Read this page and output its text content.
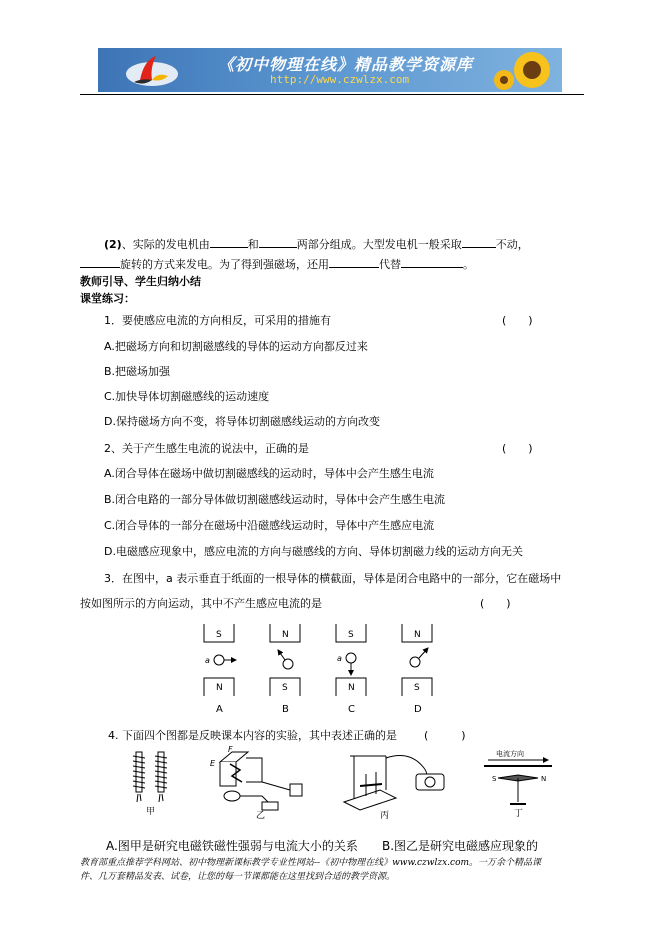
《初中物理在线》精品教学资源库
http://www.czwlzx.com
(2)、实际的发电机由	和	两部分组成。大型发电机一般采取	不动，
旋转的方式来发电。为了得到强磁场，还用	代替	。
教师引导、学生归纳小结
课堂练习：
1．要使感应电流的方向相反，可采用的措施有	(　　)
A.把磁场方向和切割磁感线的导体的运动方向都反过来
B.把磁场加强
C.加快导体切割磁感线的运动速度
D.保持磁场方向不变，将导体切割磁感线运动的方向改变
2、关于产生感生电流的说法中，正确的是	(　　)
A.闭合导体在磁场中做切割磁感线的运动时，导体中会产生感生电流
B.闭合电路的一部分导体做切割磁感线运动时，导体中会产生感生电流
C.闭合导体的一部分在磁场中沿磁感线运动时，导体中产生感应电流
D.电磁感应现象中，感应电流的方向与磁感线的方向、导体切割磁力线的运动方向无关
3．在图中，a 表示垂直于纸面的一根导体的横截面，导体是闭合电路中的一部分，它在磁场中
按如图所示的方向运动，其中不产生感应电流的是	(　　)
S
N
a
A
N
S
B
S
N
a
C
N
S
D
4. 下面四个图都是反映课本内容的实验，其中表述正确的是 (　　　)
甲
E
F
乙	丙
电流方向
S	N
丁
A.图甲是研究电磁铁磁性强弱与电流大小的关系 B.图乙是研究电磁感应现象的
教育部重点推荐学科网站、初中物理新课标教学专业性网站--《初中物理在线》www.czwlzx.com。一万余个精品课
件、几万套精品发表、试卷，让您的每一节课都能在这里找到合适的教学资源。
